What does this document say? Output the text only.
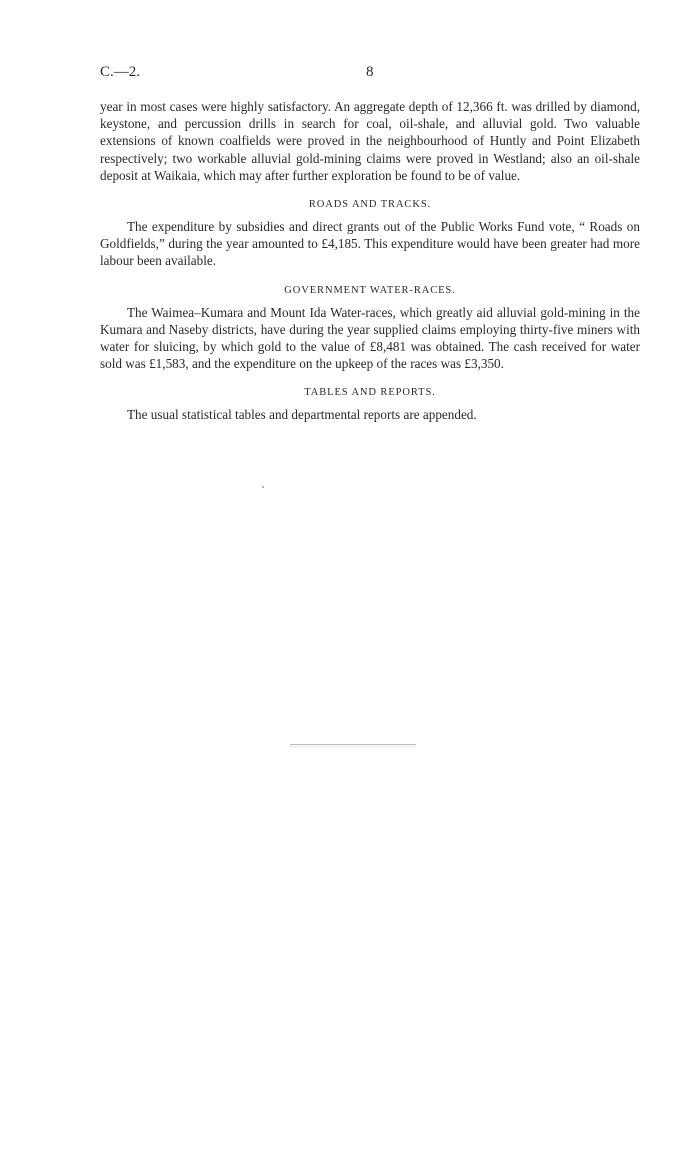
C.—2.	8

year in most cases were highly satisfactory. An aggregate depth of 12,366 ft. was drilled by diamond, keystone, and percussion drills in search for coal, oil-shale, and alluvial gold. Two valuable extensions of known coalfields were proved in the neighbourhood of Huntly and Point Elizabeth respectively; two workable alluvial gold-mining claims were proved in Westland; also an oil-shale deposit at Waikaia, which may after further exploration be found to be of value.

ROADS AND TRACKS.

The expenditure by subsidies and direct grants out of the Public Works Fund vote, “ Roads on Goldfields,” during the year amounted to £4,185. This expenditure would have been greater had more labour been available.

GOVERNMENT WATER-RACES.

The Waimea–Kumara and Mount Ida Water-races, which greatly aid alluvial gold-mining in the Kumara and Naseby districts, have during the year supplied claims employing thirty-five miners with water for sluicing, by which gold to the value of £8,481 was obtained. The cash received for water sold was £1,583, and the expenditure on the upkeep of the races was £3,350.

TABLES AND REPORTS.

The usual statistical tables and departmental reports are appended.
